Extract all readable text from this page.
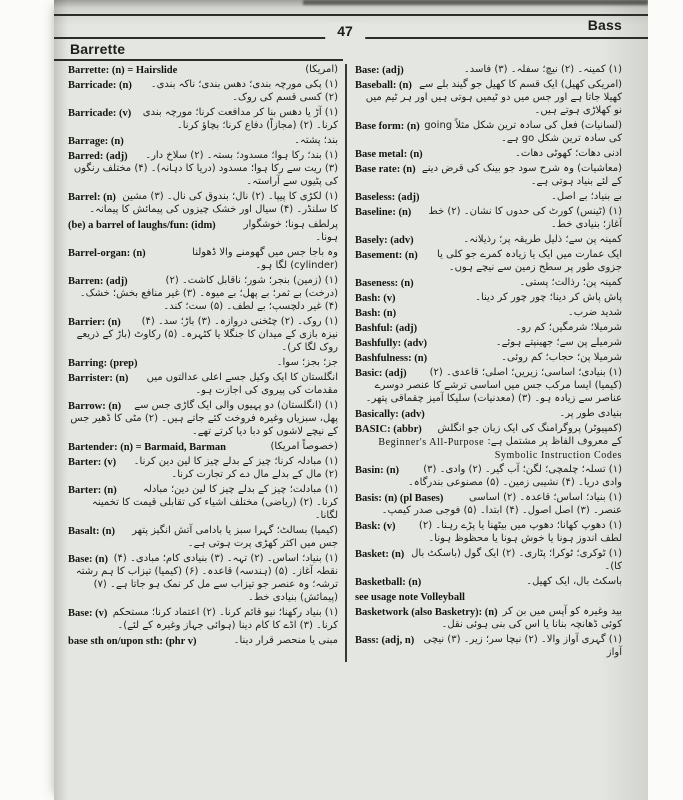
Bass
47
Barrette
Barrette: (n) = Hairslide	(امریکا)
Barricade: (n) (۱) پکی مورچہ بندی؛ دھس بندی؛ ناکہ بندی۔ (۲) کسی قسم کی روک۔
Barricade: (v) (۱) آڑ یا دھس بنا کر مدافعت کرنا؛ مورچہ بندی کرنا۔ (۲) (مجازاً) دفاع کرنا؛ بچاؤ کرنا۔
Barrage: (n)	بند؛ پشتہ۔
Barred: (adj) (۱) بند؛ رکا ہوا؛ مسدود؛ بستہ۔ (۲) سلاخ دار۔ (۳) ریت سے رکا ہوا؛ مسدود (دریا کا دہانہ)۔ (۴) مختلف رنگوں کی پٹیوں سے آراستہ۔
Barrel: (n) (۱) لکڑی کا پیپا۔ (۲) نال؛ بندوق کی نال۔ (۳) مشین کا سلنڈر۔ (۴) سیال اور خشک چیزوں کی پیمائش کا پیمانہ۔
(be) a barrel of laughs/fun: (idm)	پرلطف ہونا؛ خوشگوار ہونا۔
Barrel-organ: (n)	وہ باجا جس میں گھومنے والا ڈھولنا (cylinder) لگا ہو۔
Barren: (adj)	(۱) (زمین) بنجر؛ شور؛ ناقابل کاشت۔ (۲) (درخت) بے ثمر؛ بے پھل؛ بے میوہ۔ (۳) غیر منافع بخش؛ خشک۔ (۴) غیر دلچسپ؛ بے لطف۔ (۵) ست؛ کند۔
Barrier: (n) (۱) روک۔ (۲) چٹخنی دروازہ۔ (۳) باڑ؛ سد۔ (۴) نیزہ بازی کے میدان کا جنگلا یا کٹہرہ۔ (۵) رکاوٹ (باڑ کے ذریعے روک لگا کر)۔
Barring: (prep)	جز؛ بجز؛ سوا۔
Barrister: (n) انگلستان کا ایک وکیل جسے اعلی عدالتوں میں مقدمات کی پیروی کی اجازت ہو۔
Barrow: (n) (۱) (انگلستان) دو پہیوں والی ایک گاڑی جس سے پھل، سبزیاں وغیرہ فروخت کئے جاتے ہیں۔ (۲) مٹی کا ڈھیر جس کے نیچے لاشوں کو دبا دیا کرتے تھے۔
Bartender: (n) = Barmaid, Barman	(خصوصاً امریکا)
Barter: (v) (۱) مبادلہ کرنا؛ چیز کے بدلے چیز کا لین دین کرنا۔ (۲) مال کے بدلے مال دے کر تجارت کرنا۔
Barter: (n)	(۱) مبادلت؛ چیز کے بدلے چیز کا لین دین؛ مبادلہ کرنا۔ (۲) (ریاضی) مختلف اشیاء کی تقابلی قیمت کا تخمینہ لگانا۔
Basalt: (n) (کیمیا) بسالٹ؛ گہرا سبز یا بادامی آتش انگیز پتھر جس میں اکثر کھڑی پرت ہوتی ہے۔
Base: (n) (۱) بنیاد؛ اساس۔ (۲) تہہ۔ (۳) بنیادی کام؛ مبادی۔ (۴) نقطہ آغاز۔ (۵) (ہندسہ) قاعدہ۔ (۶) (کیمیا) تیزاب کا ہم رشتہ ترشہ؛ وہ عنصر جو تیزاب سے مل کر نمک ہو جاتا ہے۔ (۷) (پیمائش) بنیادی خط۔
Base: (v) (۱) بنیاد رکھنا؛ نیو قائم کرنا۔ (۲) اعتماد کرنا؛ مستحکم کرنا۔ (۳) اڈے کا کام دینا (ہوائی جہاز وغیرہ کے لئے)۔
base sth on/upon sth: (phr v)	مبنی یا منحصر قرار دینا۔
Base: (adj)	(۱) کمینہ۔ (۲) نیچ؛ سفلہ۔ (۳) فاسد۔
Baseball: (n) (امریکی کھیل) ایک قسم کا کھیل جو گیند بلے سے کھیلا جاتا ہے اور جس میں دو ٹیمیں ہوتی ہیں اور ہر ٹیم میں نو کھلاڑی ہوتے ہیں۔
Base form: (n) (لسانیات) فعل کی سادہ ترین شکل مثلاً going کی سادہ ترین شکل go ہے۔
Base metal: (n)	ادنی دھات؛ کھوٹی دھات۔
Base rate: (n) (معاشیات) وہ شرح سود جو بینک کی قرض دینے کے لئے بنیاد ہوتی ہے۔
Baseless: (adj)	بے بنیاد؛ بے اصل۔
Baseline: (n) (۱) (ٹینس) کورٹ کی حدوں کا نشان۔ (۲) خط آغاز؛ بنیادی خط۔
Basely: (adv)	کمینہ پن سے؛ ذلیل طریقہ پر؛ رذیلانہ۔
Basement: (n) ایک عمارت میں ایک یا زیادہ کمرے جو کلی یا جزوی طور پر سطح زمین سے نیچے ہوں۔
Baseness: (n)	کمینہ پن؛ رذالت؛ پستی۔
Bash: (v)	پاش پاش کر دینا؛ چور چور کر دینا۔
Bash: (n)	شدید ضرب۔
Bashful: (adj)	شرمیلا؛ شرمگیں؛ کم رو۔
Bashfully: (adv)	شرمیلے پن سے؛ جھینپتے ہوئے۔
Bashfulness: (n)	شرمیلا پن؛ حجاب؛ کم روئی۔
Basic: (adj) (۱) بنیادی؛ اساسی؛ زیریں؛ اصلی؛ قاعدی۔ (۲) (کیمیا) ایسا مرکب جس میں اساسی ترشے کا عنصر دوسرے عناصر سے زیادہ ہو۔ (۳) (معدنیات) سلیکا آمیز چقماقی پتھر۔
Basically: (adv)	بنیادی طور پر۔
BASIC: (abbr) (کمپیوٹر) پروگرامنگ کی ایک زبان جو انگلش کے معروف الفاظ پر مشتمل ہے: Beginner's All-Purpose Symbolic Instruction Codes
Basin: (n) (۱) تسلہ؛ چلمچی؛ لگن؛ آب گیر۔ (۲) وادی۔ (۳) وادی دریا۔ (۴) نشیبی زمین۔ (۵) مصنوعی بندرگاہ۔
Basis: (n) (pl Bases)	(۱) بنیاد؛ اساس؛ قاعدہ۔ (۲) اساسی عنصر۔ (۳) اصل اصول۔ (۴) ابتدا۔ (۵) فوجی صدر کیمپ۔
Bask: (v) (۱) دھوپ کھانا؛ دھوپ میں بیٹھنا یا پڑے رہنا۔ (۲) لطف اندوز ہونا یا خوش ہونا یا محظوظ ہونا۔
Basket: (n) (۱) ٹوکری؛ ٹوکرا؛ پٹاری۔ (۲) ایک گول (باسکٹ بال کا)۔
Basketball: (n)	باسکٹ بال، ایک کھیل۔
see usage note Volleyball
Basketwork (also Basketry): (n) بید وغیرہ کو آپس میں بن کر کوئی ڈھانچہ بنانا یا اس کی بنی ہوئی نقل۔
Bass: (adj, n) (۱) گہری آواز والا۔ (۲) نیچا سر؛ زیر۔ (۳) نیچی آواز
